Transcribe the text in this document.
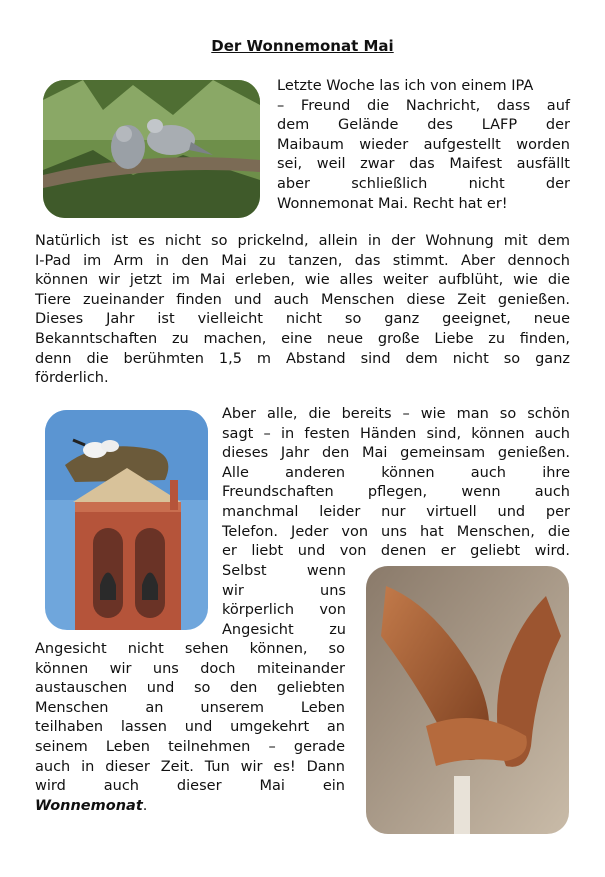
Der Wonnemonat Mai

Letzte Woche las ich von einem IPA
– Freund die Nachricht, dass auf
dem Gelände des LAFP der
Maibaum wieder aufgestellt worden
sei, weil zwar das Maifest ausfällt
aber schließlich nicht der
Wonnemonat Mai. Recht hat er!

Natürlich ist es nicht so prickelnd, allein in der Wohnung mit dem
I-Pad im Arm in den Mai zu tanzen, das stimmt. Aber dennoch
können wir jetzt im Mai erleben, wie alles weiter aufblüht, wie die
Tiere zueinander finden und auch Menschen diese Zeit genießen.
Dieses Jahr ist vielleicht nicht so ganz geeignet, neue
Bekanntschaften zu machen, eine neue große Liebe zu finden,
denn die berühmten 1,5 m Abstand sind dem nicht so ganz
förderlich.

Aber alle, die bereits – wie man so schön
sagt – in festen Händen sind, können auch
dieses Jahr den Mai gemeinsam genießen.
Alle anderen können auch ihre
Freundschaften pflegen, wenn auch
manchmal leider nur virtuell und per
Telefon. Jeder von uns hat Menschen, die
er liebt und von denen er geliebt wird.

Selbst wenn
wir uns
körperlich von
Angesicht zu

Angesicht nicht sehen können, so
können wir uns doch miteinander
austauschen und so den geliebten
Menschen an unserem Leben
teilhaben lassen und umgekehrt an
seinem Leben teilnehmen – gerade
auch in dieser Zeit. Tun wir es! Dann
wird auch dieser Mai ein
Wonnemonat.
